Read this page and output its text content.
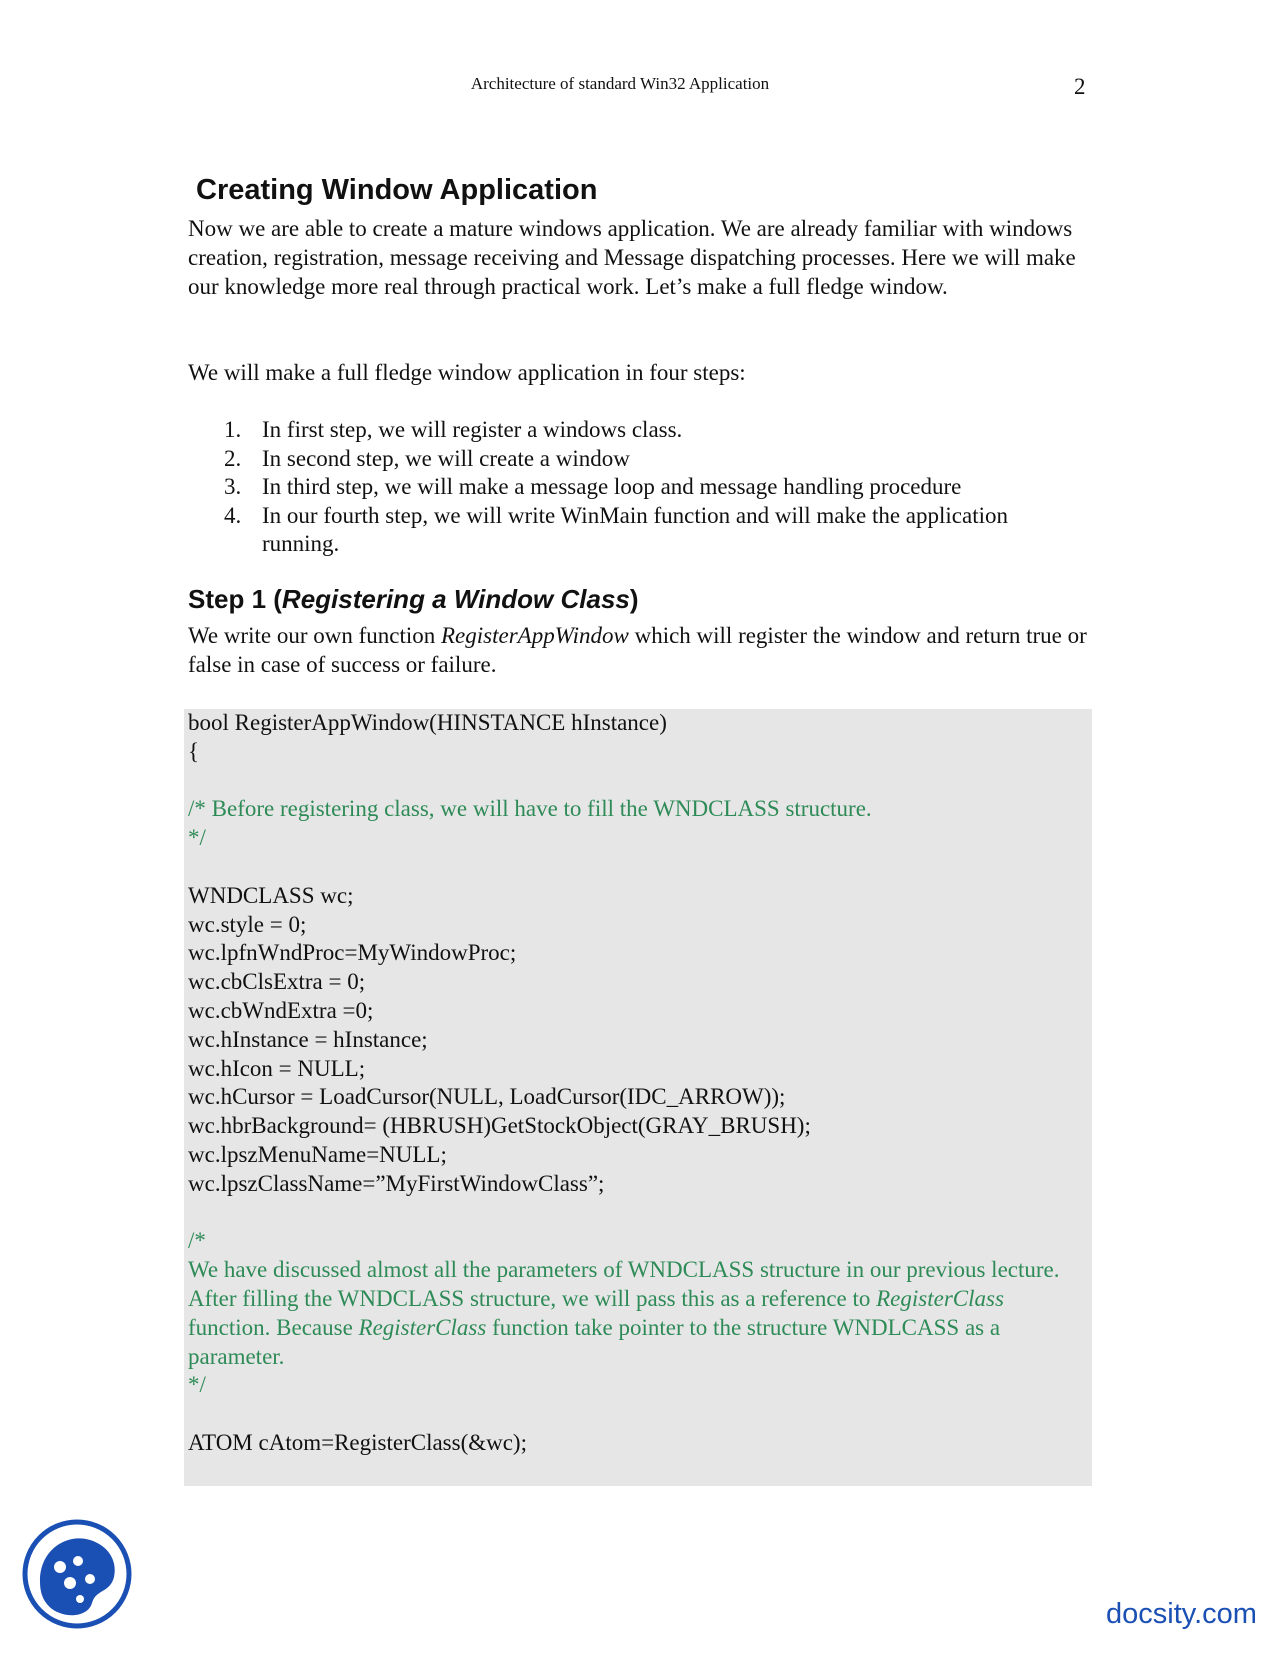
Architecture of standard Win32 Application	2
Creating Window Application

Now we are able to create a mature windows application. We are already familiar with windows creation, registration, message receiving and Message dispatching processes. Here we will make our knowledge more real through practical work. Let’s make a full fledge window.

We will make a full fledge window application in four steps:

1. In first step, we will register a windows class.
2. In second step, we will create a window
3. In third step, we will make a message loop and message handling procedure
4. In our fourth step, we will write WinMain function and will make the application running.
Step 1 (Registering a Window Class)

We write our own function RegisterAppWindow which will register the window and return true or false in case of success or failure.

bool RegisterAppWindow(HINSTANCE hInstance)
{
/* Before registering class, we will have to fill the WNDCLASS structure.
*/
WNDCLASS wc;
wc.style = 0;
wc.lpfnWndProc=MyWindowProc;
wc.cbClsExtra = 0;
wc.cbWndExtra =0;
wc.hInstance = hInstance;
wc.hIcon = NULL;
wc.hCursor = LoadCursor(NULL, LoadCursor(IDC_ARROW));
wc.hbrBackground= (HBRUSH)GetStockObject(GRAY_BRUSH);
wc.lpszMenuName=NULL;
wc.lpszClassName=”MyFirstWindowClass”;
/*
We have discussed almost all the parameters of WNDCLASS structure in our previous lecture.
After filling the WNDCLASS structure, we will pass this as a reference to RegisterClass function. Because RegisterClass function take pointer to the structure WNDLCASS as a parameter.
*/
ATOM cAtom=RegisterClass(&wc);
docsity.com
